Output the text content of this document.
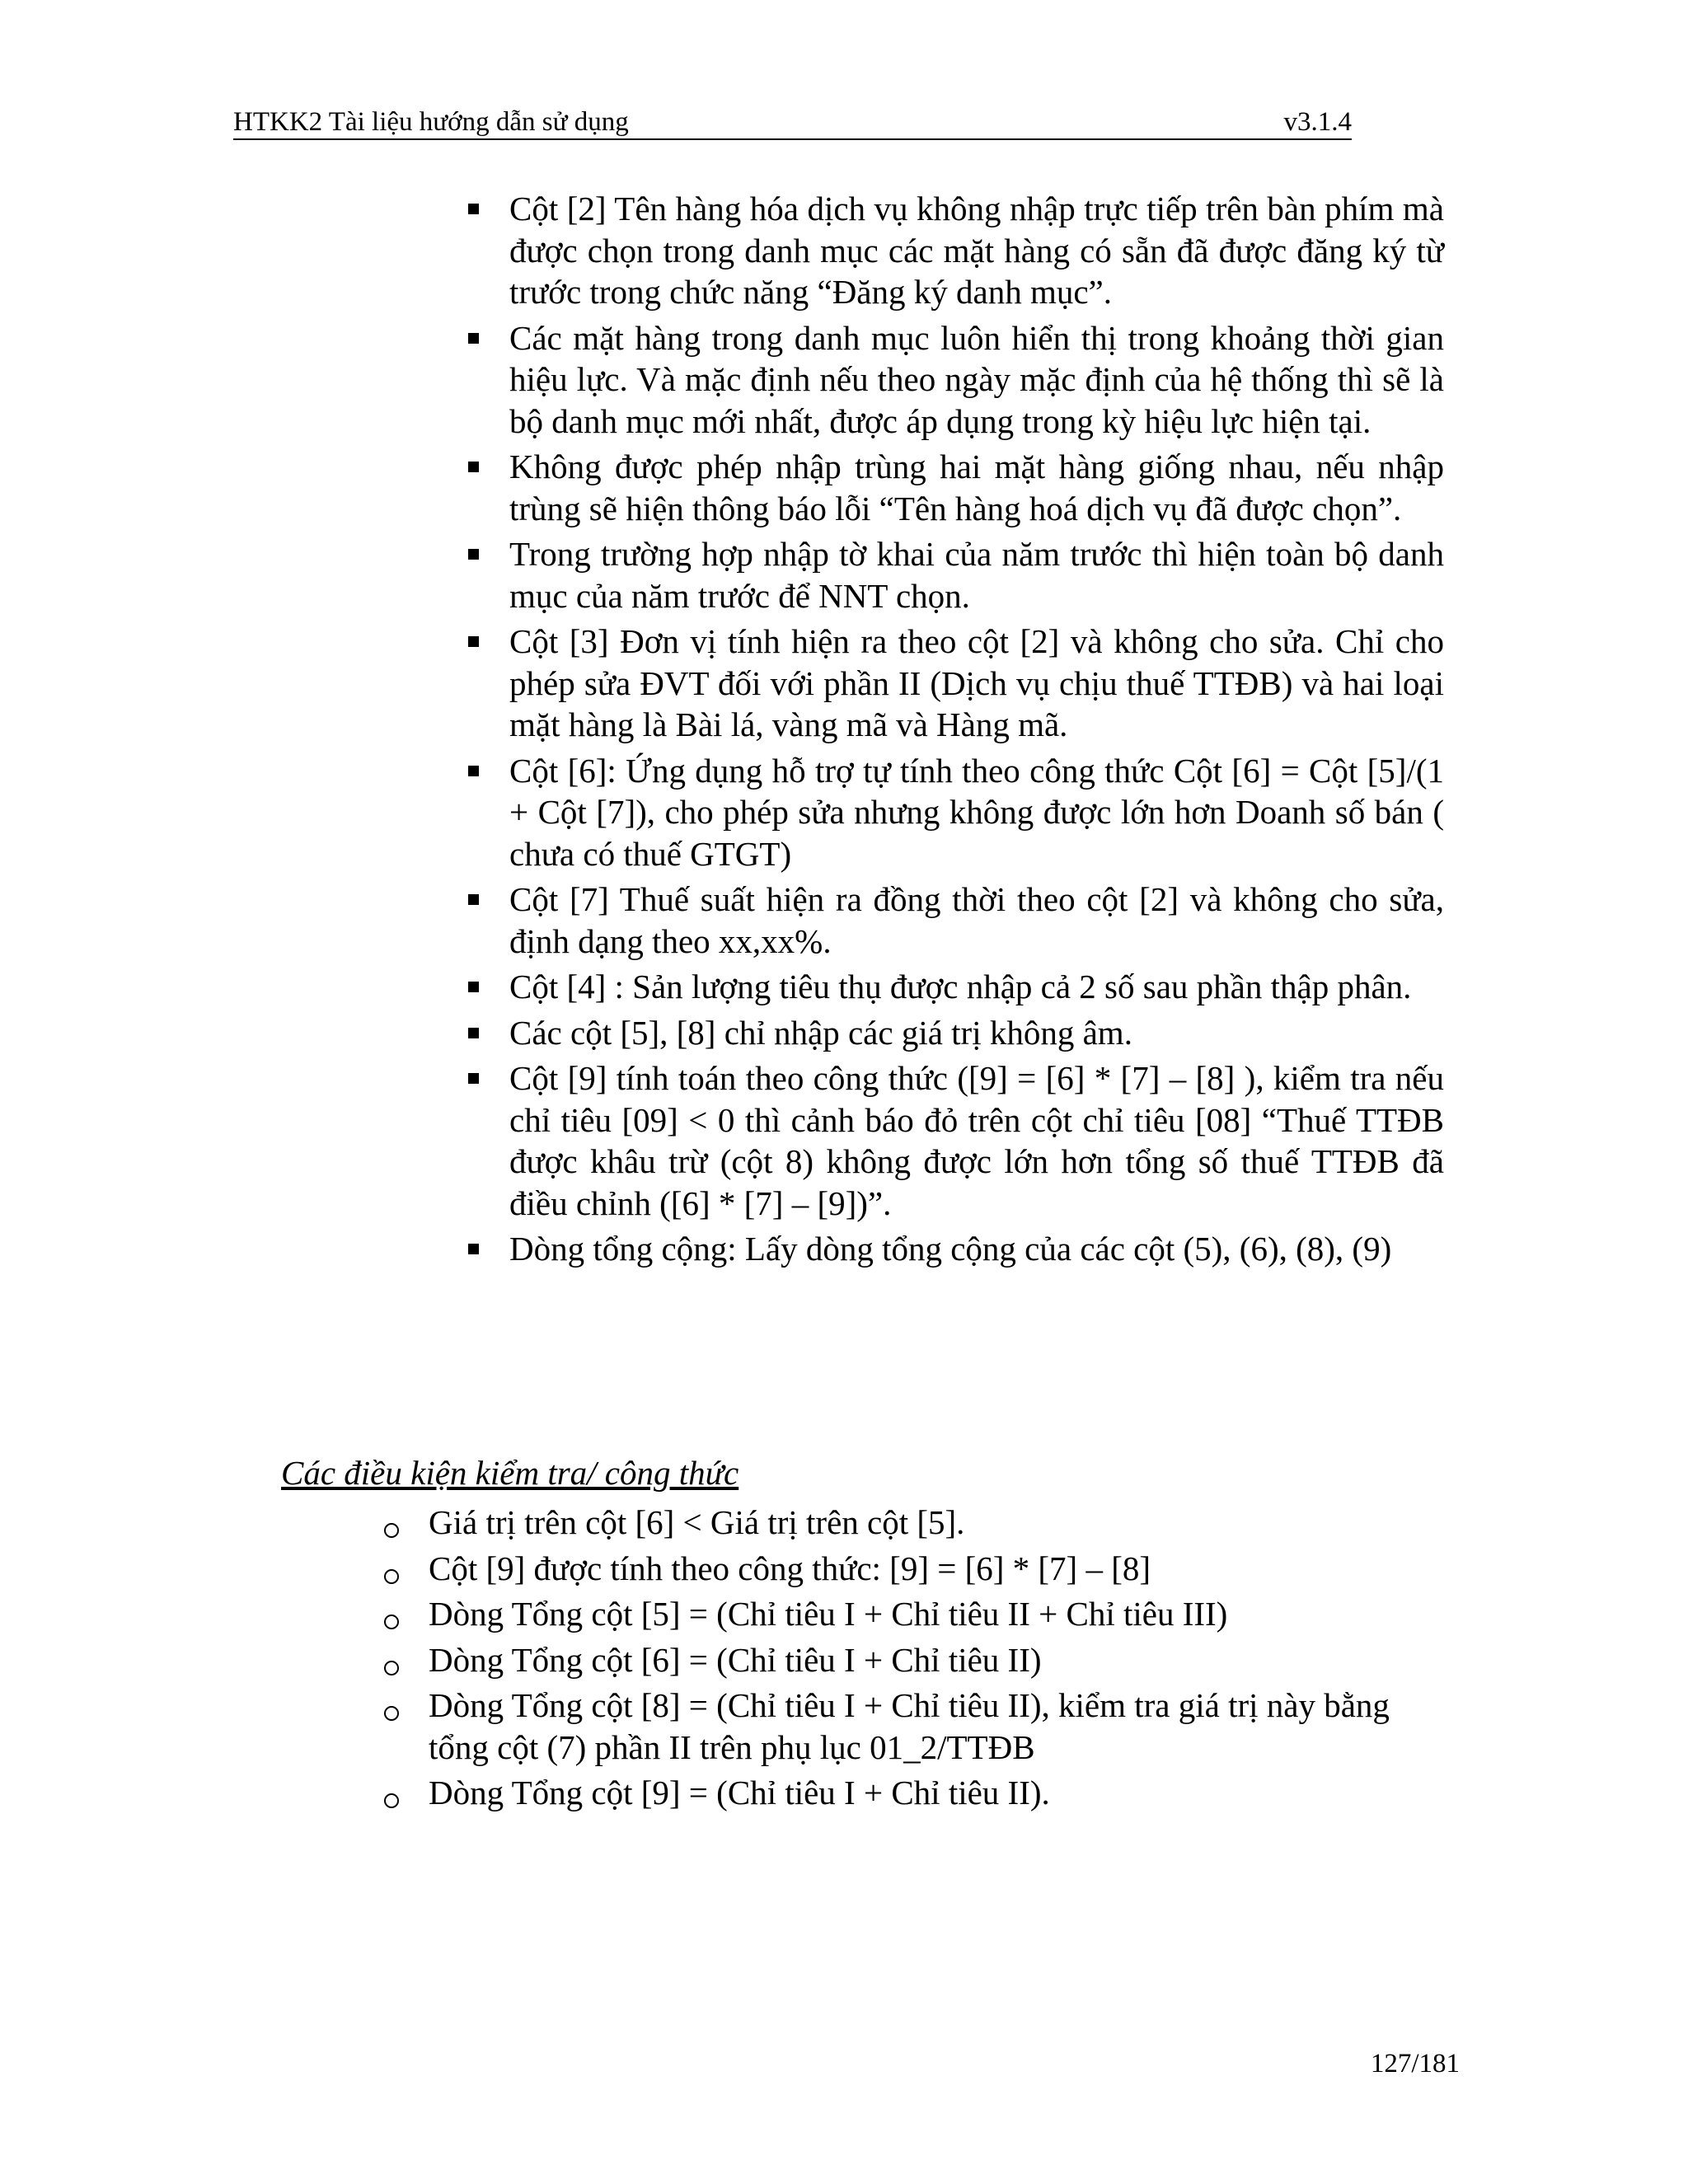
HTKK2 Tài liệu hướng dẫn sử dụng	v3.1.4
Cột [2] Tên hàng hóa dịch vụ không nhập trực tiếp trên bàn phím mà được chọn trong danh mục các mặt hàng có sẵn đã được đăng ký từ trước trong chức năng “Đăng ký danh mục”.
Các mặt hàng trong danh mục luôn hiển thị trong khoảng thời gian hiệu lực. Và mặc định nếu theo ngày mặc định của hệ thống thì sẽ là bộ danh mục mới nhất, được áp dụng trong kỳ hiệu lực hiện tại.
Không được phép nhập trùng hai mặt hàng giống nhau, nếu nhập trùng sẽ hiện thông báo lỗi “Tên hàng hoá dịch vụ đã được chọn”.
Trong trường hợp nhập tờ khai của năm trước thì hiện toàn bộ danh mục của năm trước để NNT chọn.
Cột [3] Đơn vị tính hiện ra theo cột [2] và không cho sửa. Chỉ cho phép sửa ĐVT đối với phần II (Dịch vụ chịu thuế TTĐB) và hai loại mặt hàng là Bài lá, vàng mã và Hàng mã.
Cột [6]: Ứng dụng hỗ trợ tự tính theo công thức Cột [6] = Cột [5]/(1 + Cột [7]), cho phép sửa nhưng không được lớn hơn Doanh số bán ( chưa có thuế GTGT)
Cột [7] Thuế suất hiện ra đồng thời theo cột [2] và không cho sửa, định dạng theo xx,xx%.
Cột [4] : Sản lượng tiêu thụ được nhập cả 2 số sau phần thập phân.
Các cột [5], [8] chỉ nhập các giá trị không âm.
Cột [9] tính toán theo công thức ([9] = [6] * [7] – [8] ), kiểm tra nếu chỉ tiêu [09] < 0 thì cảnh báo đỏ trên cột chỉ tiêu [08] “Thuế TTĐB được khâu trừ (cột 8) không được lớn hơn tổng số thuế TTĐB đã điều chỉnh ([6] * [7] – [9])”.
Dòng tổng cộng: Lấy dòng tổng cộng của các cột (5), (6), (8), (9)
Các điều kiện kiểm tra/ công thức
Giá trị trên cột [6] < Giá trị trên cột [5].
Cột [9] được tính theo công thức: [9] = [6] * [7] – [8]
Dòng Tổng cột [5] = (Chỉ tiêu I + Chỉ tiêu II + Chỉ tiêu III)
Dòng Tổng cột [6] = (Chỉ tiêu I + Chỉ tiêu II)
Dòng Tổng cột [8] = (Chỉ tiêu I + Chỉ tiêu II), kiểm tra giá trị này bằng tổng cột (7) phần II trên phụ lục 01_2/TTĐB
Dòng Tổng cột [9] = (Chỉ tiêu I + Chỉ tiêu II).
127/181
